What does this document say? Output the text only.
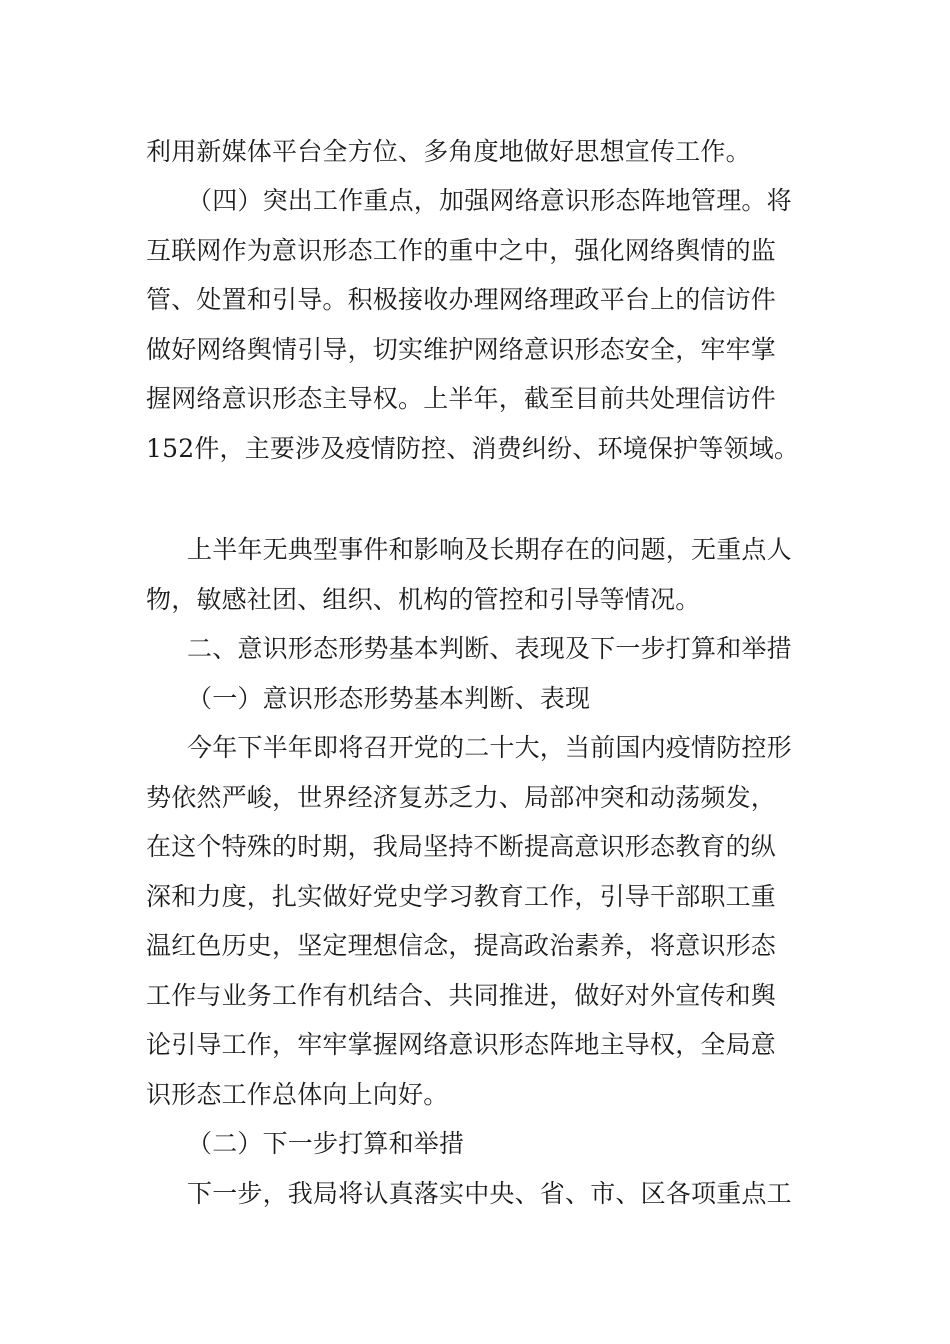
利用新媒体平台全方位、多角度地做好思想宣传工作。

（四）突出工作重点，加强网络意识形态阵地管理。将

互联网作为意识形态工作的重中之中，强化网络舆情的监

管、处置和引导。积极接收办理网络理政平台上的信访件

做好网络舆情引导，切实维护网络意识形态安全，牢牢掌

握网络意识形态主导权。上半年，截至目前共处理信访件

152件，主要涉及疫情防控、消费纠纷、环境保护等领域。

上半年无典型事件和影响及长期存在的问题，无重点人

物，敏感社团、组织、机构的管控和引导等情况。

二、意识形态形势基本判断、表现及下一步打算和举措

（一）意识形态形势基本判断、表现

今年下半年即将召开党的二十大，当前国内疫情防控形

势依然严峻，世界经济复苏乏力、局部冲突和动荡频发，

在这个特殊的时期，我局坚持不断提高意识形态教育的纵

深和力度，扎实做好党史学习教育工作，引导干部职工重

温红色历史，坚定理想信念，提高政治素养，将意识形态

工作与业务工作有机结合、共同推进，做好对外宣传和舆

论引导工作，牢牢掌握网络意识形态阵地主导权，全局意

识形态工作总体向上向好。

（二）下一步打算和举措

下一步，我局将认真落实中央、省、市、区各项重点工
